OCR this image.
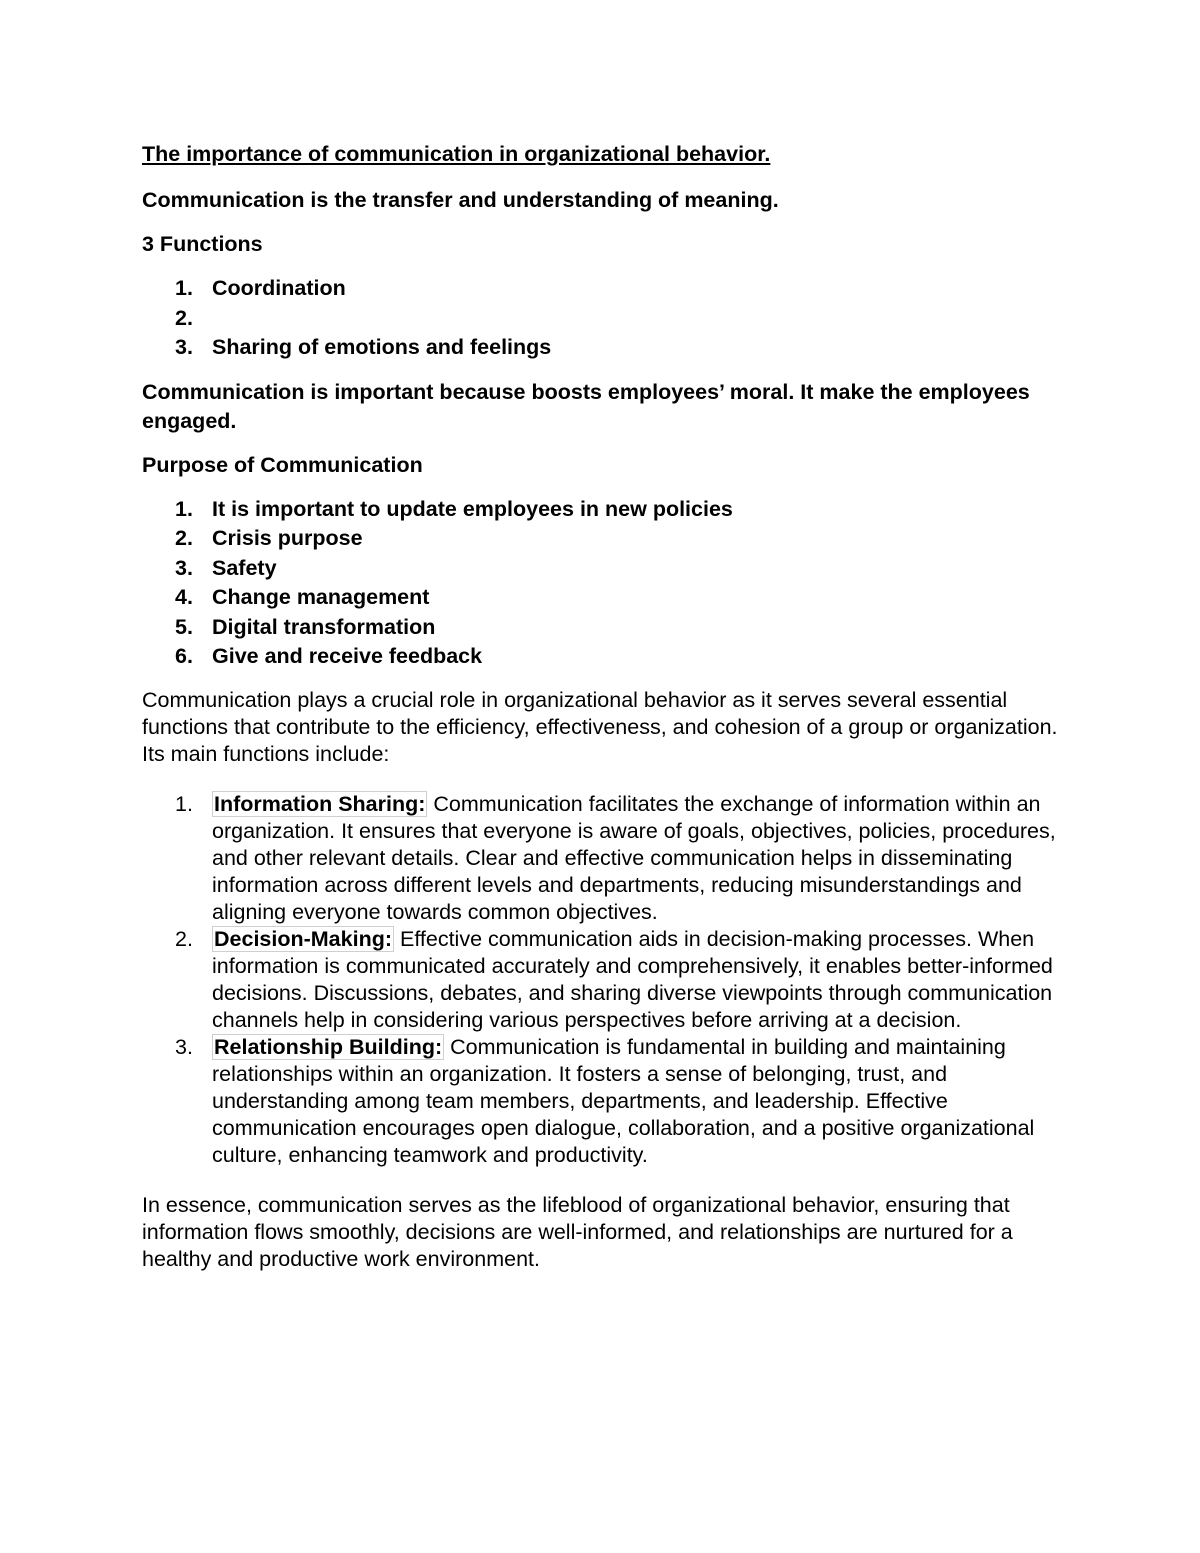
The importance of communication in organizational behavior.
Communication is the transfer and understanding of meaning.
3 Functions
1. Coordination
2.
3. Sharing of emotions and feelings
Communication is important because boosts employees’ moral. It make the employees engaged.
Purpose of Communication
1. It is important to update employees in new policies
2. Crisis purpose
3. Safety
4. Change management
5. Digital transformation
6. Give and receive feedback
Communication plays a crucial role in organizational behavior as it serves several essential functions that contribute to the efficiency, effectiveness, and cohesion of a group or organization. Its main functions include:
1. Information Sharing: Communication facilitates the exchange of information within an organization. It ensures that everyone is aware of goals, objectives, policies, procedures, and other relevant details. Clear and effective communication helps in disseminating information across different levels and departments, reducing misunderstandings and aligning everyone towards common objectives.
2. Decision-Making: Effective communication aids in decision-making processes. When information is communicated accurately and comprehensively, it enables better-informed decisions. Discussions, debates, and sharing diverse viewpoints through communication channels help in considering various perspectives before arriving at a decision.
3. Relationship Building: Communication is fundamental in building and maintaining relationships within an organization. It fosters a sense of belonging, trust, and understanding among team members, departments, and leadership. Effective communication encourages open dialogue, collaboration, and a positive organizational culture, enhancing teamwork and productivity.
In essence, communication serves as the lifeblood of organizational behavior, ensuring that information flows smoothly, decisions are well-informed, and relationships are nurtured for a healthy and productive work environment.
